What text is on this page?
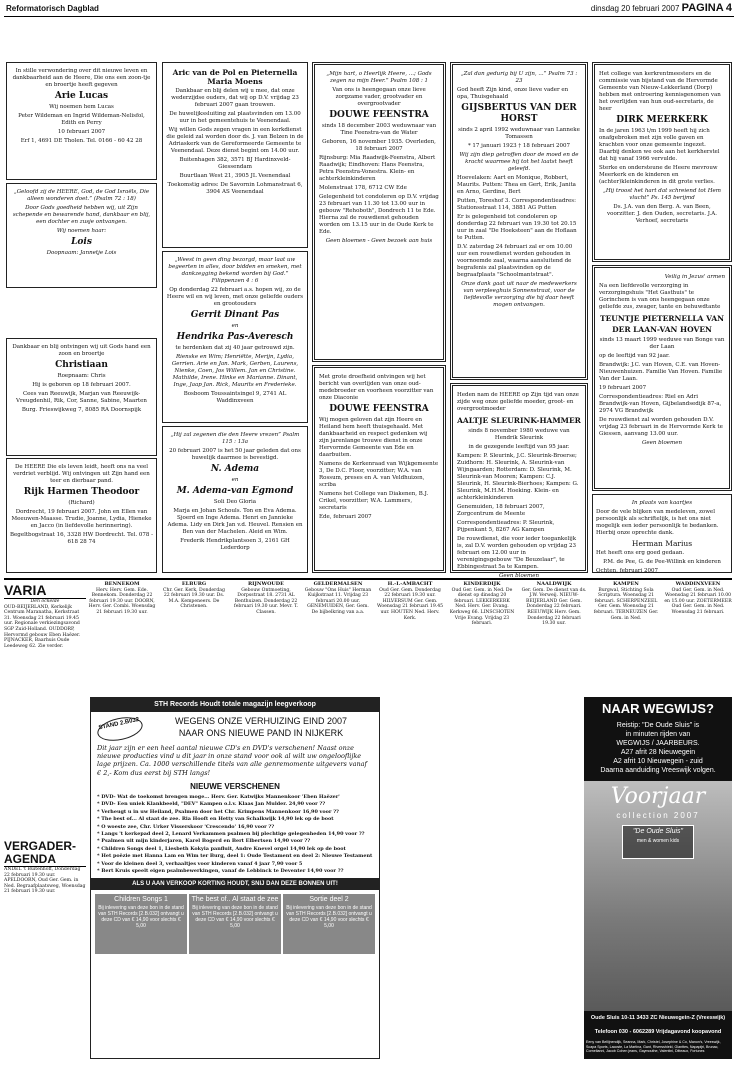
Reformatorisch Dagblad	dinsdag 20 februari 2007 PAGINA 4

In stille verwondering over dit nieuwe leven en dankbaarheid aan de Heere, Die ons een zoon-tje en broertje heeft gegeven

Arie Lucas

Wij noemen hem Lucas

Peter Wildeman en Ingrid Wildeman-Nelisfol, Edith en Perry

10 februari 2007

Erf 1, 4691 DE Tholen. Tel. 0166 - 60 42 28

„Geloofd zij de HEERE, God, de God Israëls, Die alleen wonderen doet.” (Psalm 72 : 18)

Door Gods goedheid hebben wij, uit Zijn schepende en bewarende hand, dankbaar en blij, een dochter en zusje ontvangen.

Wij noemen haar:

Lois

Doopnaam: Jannetje Lois

Dankbaar en blij ontvingen wij uit Gods hand een zoon en broertje

Christiaan

Roepnaam: Chris

Hij is geboren op 18 februari 2007.

Cees van Reeuwijk, Marjan van Reeuwijk-Vreugdenhil, Rik, Cor, Sanne, Sabine, Maarten

Burg. Frieswijkweg 7, 8085 RA Doornspijk

De HEERE Die els leven leidt, heeft ons na veel verdriet verblijd. Wij ontvingen uit Zijn hand een teer en dierbaar pand.

Rijk Harmen Theodoor

(Richard)

Dordrecht, 19 februari 2007. John en Ellen van Meeuwen-Maasse. Trudie, Joanne, Lydia, Hieneke en Jacco (in liefdevolle herinnering).

Begeltbogstraat 16, 3328 HW Dordrecht. Tel. 078 - 618 28 74

Aric van de Pol en Pieternella Maria Moens

Dankbaar en blij delen wij u mee, dat onze wederzijdse ouders, dat wij op D.V. vrijdag 23 februari 2007 gaan trouwen.

De huwelijkssluiting zal plaatsvinden om 13.00 uur in het gemeentehuis te Veenendaal.

Wij willen Gods zegen vragen in een kerkdienst die geleid zal worden door ds. J. van Belzen in de Adriaskerk van de Gereformeerde Gemeente te Veenendaal. Deze dienst begint om 14.00 uur.

Buitenhagen 382, 3571 BJ Hardinxveld-Giessendam

Buurtlaan West 21, 3905 JL Veenendaal

Toekomstig adres: De Savornin Lohmanstraat 6, 3904 AS Veenendaal

„Weest in geen ding bezorgd, maar laat uw begeerten in alles, door bidden en smeken, met dankzegging bekend worden bij God.” Filippenzen 4 : 6

Op donderdag 22 februari a.s. hopen wij, zo de Heere wil en wij leven, met onze geliefde ouders en grootouders

Gerrit Dinant Pas
en
Hendrika Pas-Averesch

te herdenken dat zij 40 jaar getrouwd zijn.

Rienske en Wim; Henriëtte, Merijn, Lydia, Gerrien. Arie en Jan. Mark, Gerben, Laurens, Nienke, Coen, Jos Willem. Jan en Christine. Mathilde, Irene. Hinke en Marianne. Dinant, Inge, Jaap Jan. Rick, Maurits en Frederieke.

Bosboom Toussaintsingel 9, 2741 AL Waddinxveen

„Hij zal zegenen die den Heere vrezen” Psalm 115 : 13a

20 februari 2007 is het 50 jaar geleden dat ons huwelijk daarmee is bevestigd.

N. Adema
en
M. Adema-van Egmond

Soli Deo Gloria

Marja en Johan Schouls. Ton en Eva Adema. Sjoerd en Inge Adema. Henri en Jannieke Adema. Lidy en Dirk Jan v.d. Heuvel. Rensien en Ben van der Machelen. Aleid en Wim.

Frederik Hendrikplantsoen 3, 2161 GH Lederdorp

„Mijn hart, o Heerlijk Heere, ...; Gods zegen na mijn Heer.” Psalm 108 : 1

Van ons is heengegaan onze lieve zorgzame vader, grootvader en overgrootvader

DOUWE FEENSTRA

sinds 18 december 2003 weduwnaar van Tine Feenstra-van de Water

Geboren, 16 november 1935. Overleden, 18 februari 2007

Rijnsburg: Mia Raadwijk-Feenstra, Albert Raadwijk; Eindhoven: Hans Feenstra, Petra Feenstra-Vonestra. Klein- en achterkleinkinderen

Molenstraat 178, 6712 CW Ede

Gelegenheid tot condoleren op D.V. vrijdag 23 februari van 11.30 tot 13.00 uur in gebouw "Rehoboth", Dondrech 11 te Ede. Hierna zal de rouwdienst gehouden worden om 13.15 uur in de Oude Kerk te Ede.

Geen bloemen - Geen bezoek aan huis

Met grote droefheid ontvingen wij het bericht van overlijden van onze oud-medebroeder en voorheen voorzitter van onze Diaconie

DOUWE FEENSTRA

Wij mogen geloven dat zijn Heere en Heiland hem heeft thuisgehaald. Met dankbaarheid en respect gedenken wij zijn jarenlange trouwe dienst in onze Hervormde Gemeente van Ede en daarbuiten.

Namens de Kerkenraad van Wijkgemeente 3, De D.C. Floor, voorzitter; W.A. van Rossum, preses en A. van Veldhuizen, scriba

Namens het College van Diakenen, B.J. Crikel, voorzitter; W.A. Lammers, secretaris

Ede, februari 2007

„Zal dan gedurig bij U zijn, ...” Psalm 73 : 23

God heeft Zijn kind, onze lieve vader en opa, Thuisgehaald

GIJSBERTUS VAN DER HORST

sinds 2 april 1992 weduwnaar van Lanneke Tomassen

* 17 januari 1923 † 18 februari 2007

Wij zijn diep getroffen door de moed en de kracht waarmee hij tot het laatst heeft geleefd.

Hoevelaken: Aart en Monique, Robbert, Maurits. Putten: Thea en Gert, Erik, Janita en Arno, Gerdine, Bert

Putten, Toreshof 3. Correspondentieadres: Stationsstraat 114, 3881 AG Putten

Er is gelegenheid tot condoleren op donderdag 22 februari van 19.30 tot 20.15 uur in zaal "De Hoeksteen" aan de Hoflaan te Putten.

D.V. zaterdag 24 februari zal er om 10.00 uur een rouwdienst worden gehouden in voornoemde zaal, waarna aansluitend de begrafenis zal plaatsvinden op de begraafplaats "Schoolmantstraat".

Onze dank gaat uit naar de medewerkers van verpleeghuis Sonnenstraat, voor de liefdevolle verzorging die hij daar heeft mogen ontvangen.

Heden nam de HEERE op Zijn tijd van onze zijde weg onze geliefde moeder, groot- en overgrootmoeder

AALTJE SLEURINK-HAMMER

sinds 8 november 1980 weduwe van Hendrik Sleurink

in de gezegende leeftijd van 95 jaar.

Kampen: P. Sleurink, J.C. Sleurink-Broerse; Zuidhorn: H. Sleurink, A. Sleurink-van Wijngaarden; Rotterdam: D. Sleurink, M. Sleurink-van Mooren; Kampen: C.J. Sleurink, H. Sleurink-Bierhoes; Kampen: G. Sleurink, M.H.M. Hoeking. Klein- en achterkleinkinderen

Genemuiden, 18 februari 2007, Zorgcentrum de Meente

Correspondentieadres: P. Sleurink, Pijpenkant 5, 8267 AG Kampen

De rouwdienst, die voor ieder toegankelijk is, zal D.V. worden gehouden op vrijdag 23 februari om 12.00 uur in verenigingsgebouw "De Beuzelaar", te Ebbingestraat 5a te Kampen.

Geen bloemen

Het college van kerkrentmeesters en de commissie van bijstand van de Hervormde Gemeente van Nieuw-Lekkerland (Dorp) hebben met ontroering kennisgenomen van het overlijden van hun oud-secretaris, de heer

DIRK MEERKERK

In de jaren 1963 t/m 1999 heeft hij zich onafgebroken met zijn volle gaven en krachten voor onze gemeente ingezet. Daarbij denken we ook aan het kerkherstel dat hij vanaf 1966 vervulde.

Sterke en ondersteune de Heere mevrouw Meerkerk en de kinderen en (achter)kleinkinderen in dit grote verlies.

„Hij troost het hart dat schreiend tot Hem vlucht” Ps. 145 berijmd

Ds. J.A. van den Berg. A. van Been, voorzitter. J. den Ouden, secretaris. J.A. Verhoef, secretaris

Veilig in Jezus' armen

Na een liefdevolle verzorging in verzorgingshuis "Het Gasthuis" te Gorinchem is van ons heengegaan onze geliefde zus, zwager, tante en behuwdtante

TEUNTJE PIETERNELLA VAN DER LAAN-VAN HOVEN

sinds 13 maart 1999 weduwe van Bonge van der Laan

op de leeftijd van 92 jaar.

Brandwijk: J.C. van Hoven, C.E. van Hoven-Nieuwenhuizen. Familie Van Hoven. Familie Van der Laan.

19 februari 2007

Correspondentieadres: Riel en Adri Brandwijk-van Hoven, Gijbelandsedijk 87-a, 2974 VG Brandwijk

De rouwdienst zal worden gehouden D.V. vrijdag 23 februari in de Hervormde Kerk te Giessen, aanvang 13.00 uur.

Geen bloemen

In plaats van kaartjes

Door de vele blijken van medeleven, zowel persoonlijk als schriftelijk, is het ons niet mogelijk een ieder persoonlijk te bedanken. Hierbij onze oprechte dank.

Herman Marius

Het heeft ons erg goed gedaan.

P.M. de Pee, G. de Pee-Willink en kinderen

Ochten, februari 2007

VARIA
Den ockelde
OUD-BEIJERLAND, Kerkelijk Centrum Maranatha, Kerkstraat 31. Woensdag 21 februari 19.45 uur. Regionale verkiezingsavond SGP Zuid-Holland. OUDDORP, Hervormd gebouw Eben Haëzer. PIJNACKER, Baarhuis Oude Leedeweg 62. Zie verder.
VERGADER-AGENDA
ANDEL 't Buitenhoff, Donderdag 22 februari 19.30 uur. APELDOORN, Oud Ger. Gem. in Ned. Begraafplaatsweg, Woensdag 21 februari 19.30 uur.
BENNEKOM
Herv. Herv. Gem. Ede. Bennekom. Donderdag 22 februari 19.30 uur. DOORN, Herv. Ger. Combi. Woensdag 21 februari 19.30 uur.
ELBURG
Chr. Ger. Kerk, Donderdag 22 februari 19.30 uur. Ds. M.A. Kempeneers. De Christenen.
RIJNWOUDE
Gebouw Ontmoeting, Dorpsstraat 18. 2731 AL Benthuizen. Donderdag 22 februari 19.30 uur. Mevr. T. Classen.
GELDERMALSEN
Gebouw "Ons Huis" Herman Kuijkstraat 11. Vrijdag 23 februari 20.00 uur. GENEMUIDEN, Ger. Gem. De bijbelkring van a.a.
H.-I.-AMBACHT
Oud Ger. Gem. Donderdag 22 februari 19.30 uur. HILVERSUM Ger. Gem. Woensdag 21 februari 19.45 uur. HOUTEN Ned. Herv. Kerk.
KINDERDIJK
Oud Ger. Gem. in Ned. De dienst op dinsdag 20 februari. LEKKERKERK Ned. Herv. Ger. Evang. Kerkweg 66. LINSCHOTEN Vrije Evang. Vrijdag 23 februari.
NAALDWIJK
Ger. Gem. De dienst van ds. J.W. Verweij. NIEUW-BEIJERLAND Ger. Gem. Donderdag 22 februari. REEUWIJK Herv. Gem. Donderdag 22 februari 19.30 uur.
KAMPEN
Burgwal, Stichting Sola Scriptura. Woensdag 21 februari. SCHERPENZEEL Ger. Gem. Woensdag 21 februari. TERNEUZEN Ger. Gem. in Ned.
WADDINXVEEN
Oud Ger. Gem. in Ned. Woensdag 21 februari 10.00 en 15.00 uur. ZOETERMEER Oud Ger. Gem. in Ned. Woensdag 21 februari.
STH Records Houdt totale magazijn leegverkoop
STAND 2.B032	WEGENS ONZE VERHUIZING EIND 2007
NAAR ONS NIEUWE PAND IN NIJKERK
Dit jaar zijn er een heel aantal nieuwe CD's en DVD's verschenen! Naast onze nieuwe producties vind u dit jaar in onze stand voor ook al wilt uw ongelooflijke lage prijzen. Ca. 1000 verschillende titels van alle genremomente uitgevers vanaf € 2,- Kom dus eerst bij STH langs!
NIEUWE VERSCHENEN
* DVD- Wat de toekomst brengen moge... Herv. Ger. Katwijks Mannenkoor 'Eben Haëzer'
* DVD- Een uniek Klankbeeld, "DEV" Kampen o.l.v. Klaas Jan Mulder. 24,90 voor ??
* Verheugt u in uw Heiland, Psalmen door het Chr. Krimpens Mannenkoor 16,90 voor ??
* The best of... Al staat de zee. Ria Hooft en Hetty van Schalkwijk 14,90 lek op de boot
* O woeste zee, Chr. Urker Visserskoor 'Crescendo' 16,90 voor ??
* Langs 't kerkepad deel 2, Lenard Verkammen psalmen bij plechtige gelegenheden 14,90 voor ??
* Psalmen uit mijn kinderjaren, Karel Bogerd en Bert Elbertsen 14,90 voor ??
* Children Songs deel 1, Liesbeth Kokyia panfluit, Andre Knevel orgel 14,90 lek op de boot
* Het poëzie met Hanna Lam en Wim ter Burg, deel 1: Oude Testament en deel 2: Nieuwe Testament
* Voor de kleinen deel 3, verhaaltjes voor kinderen vanaf 4 jaar 7,90 voor 5
* Bert Kruis speelt eigen psalmbewerkingen, vanaf de Lebbinck te Deventer 14,90 voor ??
ALS U AAN VERKOOP KORTING HOUDT, SNIJ DAN DEZE BONNEN UIT!
Children Songs 1
Bij inlevering van deze bon in de stand van STH Records [2.B.032] ontvangt u deze CD van € 14,90 voor slechts € 5,00
The best of.. Al staat de zee
Bij inlevering van deze bon in de stand van STH Records [2.B.032] ontvangt u deze CD van € 14,90 voor slechts € 5,00
Sortie deel 2
Bij inlevering van deze bon in de stand van STH Records [2.B.032] ontvangt u deze CD van € 14,90 voor slechts € 5,00
NAAR WEGWIJS?
Reistip: "De Oude Sluis" is
in minuten rijden van
WEGWIJS / JAARBEURS.
A27 afrit 28 Nieuwegein
A2 afrit 10 Nieuwegein - zuid
Daarna aanduiding Vreeswijk volgen.
Voorjaar
collection 2007
"De Oude Sluis"
men & women kids
Oude Sluis 10-11 3433 ZC Nieuwegein-Z (Vreeswijk)
Telefoon 030 - 6062289 Vrijdagavond koopavond
Eeny van Bellijnendijk, Seanna, Mark, Christel, Josephine & Co, Manon's, Vreeswijk, Scapa Sports, Lacoste, La Martina, Gant, Riversshield, Gianttes, Napapijri, Brunac, Cornelianni, Jacob Cohen jeans, Gaymouthe, Valentini, Ditteaux, Fortunes
